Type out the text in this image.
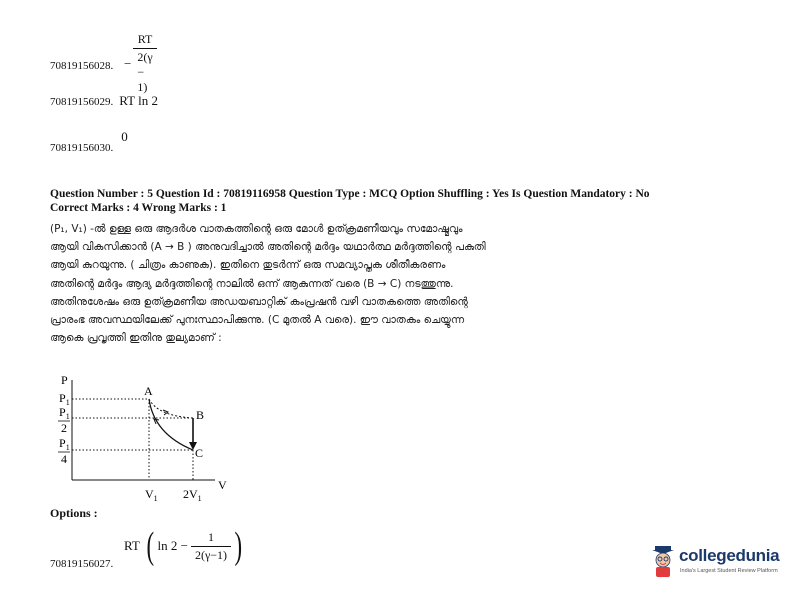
− $\frac{RT}{2(\gamma - 1)}$
70819156028.
70819156029. RT ln 2
$_{70819156030.}$ 0
Question Number : 5 Question Id : 70819116958 Question Type : MCQ Option Shuffling : Yes Is Question Mandatory : No
Correct Marks : 4 Wrong Marks : 1
(P₁, V₁) -ൽ ഉള്ള ഒരു ആദർശ വാതകത്തിന്റെ ഒരു മോൾ ഉത്ക്രമണീയവും സമോഷ്മവും
ആയി വികസിക്കാൻ (A → B ) അനുവദിച്ചാൽ അതിന്റെ മർദ്ദം യഥാർത്ഥ മർദ്ദത്തിന്റെ പകുതി
ആയി കുറയുന്നു. ( ചിത്രം കാണുക). ഇതിനെ തുടർന്ന് ഒരു സമവ്യാപ്തക ശീതീകരണം
അതിന്റെ മർദ്ദം ആദ്യ മർദ്ദത്തിന്റെ നാലിൽ ഒന്ന് ആകുന്നത് വരെ (B → C) നടത്തുന്നു.
അതിനുശേഷം ഒരു ഉത്ക്രമണീയ അഡയബാറ്റിക് കംപ്രഷൻ വഴി വാതകത്തെ അതിന്റെ
പ്രാരംഭ അവസ്ഥയിലേക്ക് പുനഃസ്ഥാപിക്കുന്നു. (C മുതൽ A വരെ). ഈ വാതകം ചെയ്യുന്ന
ആകെ പ്രവൃത്തി ഇതിനു തുല്യമാണ് :
P
V
$P_1$
$P_1$
2
$P_1$
4
A
B
C
$V_1$ $2V_1$
Options :
RT ( $\ln 2 - \frac{1}{2(\gamma-1)}$ )
70819156027.	collegedunia
India's Largest Student Review Platform
